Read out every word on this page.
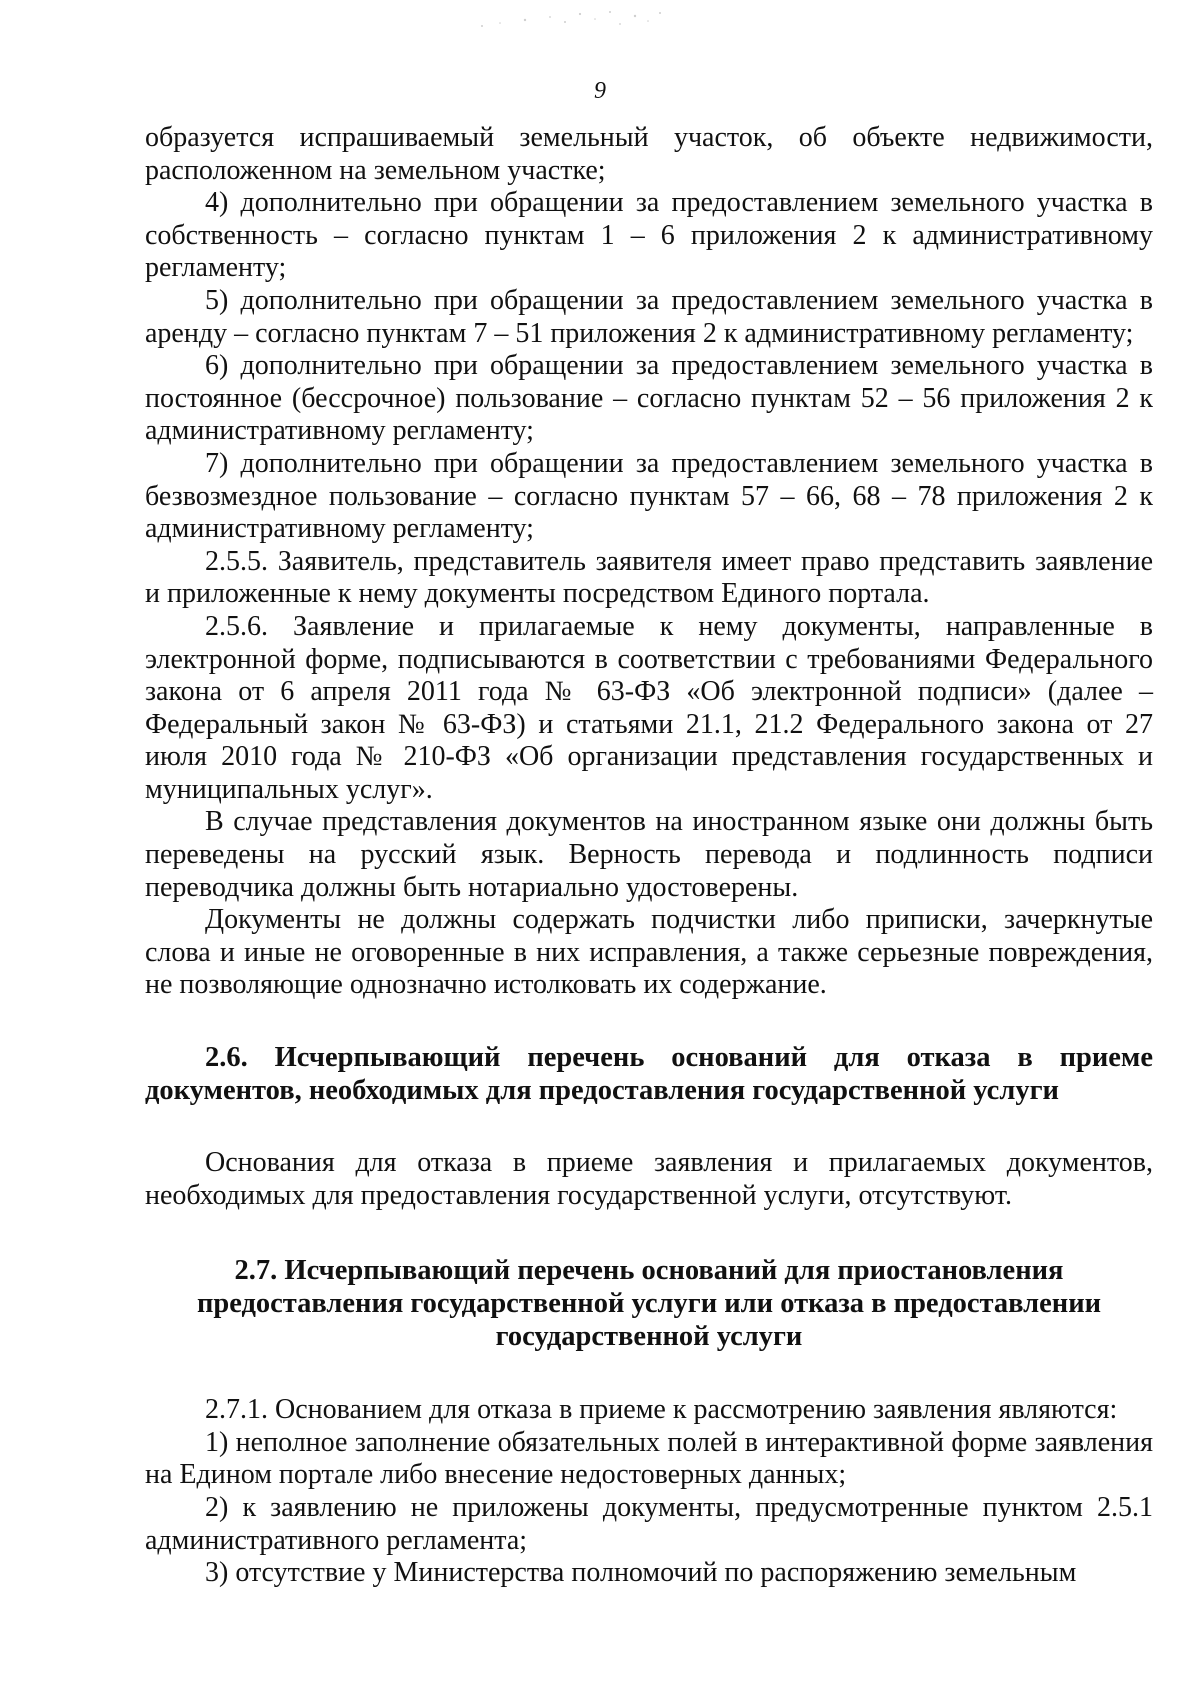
9

образуется испрашиваемый земельный участок, об объекте недвижимости, расположенном на земельном участке;

4) дополнительно при обращении за предоставлением земельного участка в собственность – согласно пунктам 1 – 6 приложения 2 к административному регламенту;

5) дополнительно при обращении за предоставлением земельного участка в аренду – согласно пунктам 7 – 51 приложения 2 к административному регламенту;

6) дополнительно при обращении за предоставлением земельного участка в постоянное (бессрочное) пользование – согласно пунктам 52 – 56 приложения 2 к административному регламенту;

7) дополнительно при обращении за предоставлением земельного участка в безвозмездное пользование – согласно пунктам 57 – 66, 68 – 78 приложения 2 к административному регламенту;

2.5.5. Заявитель, представитель заявителя имеет право представить заявление и приложенные к нему документы посредством Единого портала.

2.5.6. Заявление и прилагаемые к нему документы, направленные в электронной форме, подписываются в соответствии с требованиями Федерального закона от 6 апреля 2011 года № 63-ФЗ «Об электронной подписи» (далее – Федеральный закон № 63-ФЗ) и статьями 21.1, 21.2 Федерального закона от 27 июля 2010 года № 210-ФЗ «Об организации представления государственных и муниципальных услуг».

В случае представления документов на иностранном языке они должны быть переведены на русский язык. Верность перевода и подлинность подписи переводчика должны быть нотариально удостоверены.

Документы не должны содержать подчистки либо приписки, зачеркнутые слова и иные не оговоренные в них исправления, а также серьезные повреждения, не позволяющие однозначно истолковать их содержание.

2.6. Исчерпывающий перечень оснований для отказа в приеме документов, необходимых для предоставления государственной услуги

Основания для отказа в приеме заявления и прилагаемых документов, необходимых для предоставления государственной услуги, отсутствуют.

2.7. Исчерпывающий перечень оснований для приостановления предоставления государственной услуги или отказа в предоставлении государственной услуги

2.7.1. Основанием для отказа в приеме к рассмотрению заявления являются:

1) неполное заполнение обязательных полей в интерактивной форме заявления на Едином портале либо внесение недостоверных данных;

2) к заявлению не приложены документы, предусмотренные пунктом 2.5.1 административного регламента;

3) отсутствие у Министерства полномочий по распоряжению земельным
